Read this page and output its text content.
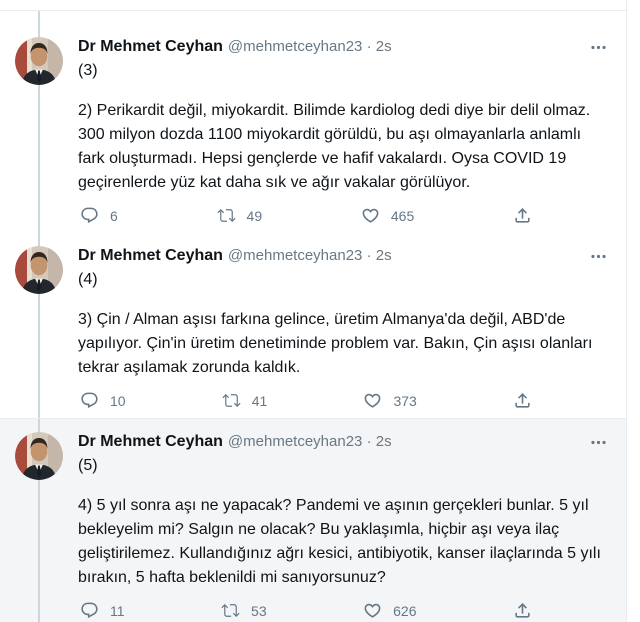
Dr Mehmet Ceyhan @mehmetceyhan23 · 2s
(3)
2) Perikardit değil, miyokardit. Bilimde kardiolog dedi diye bir delil olmaz. 300 milyon dozda 1100 miyokardit görüldü, bu aşı olmayanlarla anlamlı fark oluşturmadı. Hepsi gençlerde ve hafif vakalardı. Oysa COVID 19 geçirenlerde yüz kat daha sık ve ağır vakalar görülüyor.
6	49	465
Dr Mehmet Ceyhan @mehmetceyhan23 · 2s
(4)
3) Çin / Alman aşısı farkına gelince, üretim Almanya'da değil, ABD'de yapılıyor. Çin'in üretim denetiminde problem var. Bakın, Çin aşısı olanları tekrar aşılamak zorunda kaldık.
10	41	373
Dr Mehmet Ceyhan @mehmetceyhan23 · 2s
(5)
4) 5 yıl sonra aşı ne yapacak? Pandemi ve aşının gerçekleri bunlar. 5 yıl bekleyelim mi? Salgın ne olacak? Bu yaklaşımla, hiçbir aşı veya ilaç geliştirilemez. Kullandığınız ağrı kesici, antibiyotik, kanser ilaçlarında 5 yılı bırakın, 5 hafta beklenildi mi sanıyorsunuz?
11	53	626
